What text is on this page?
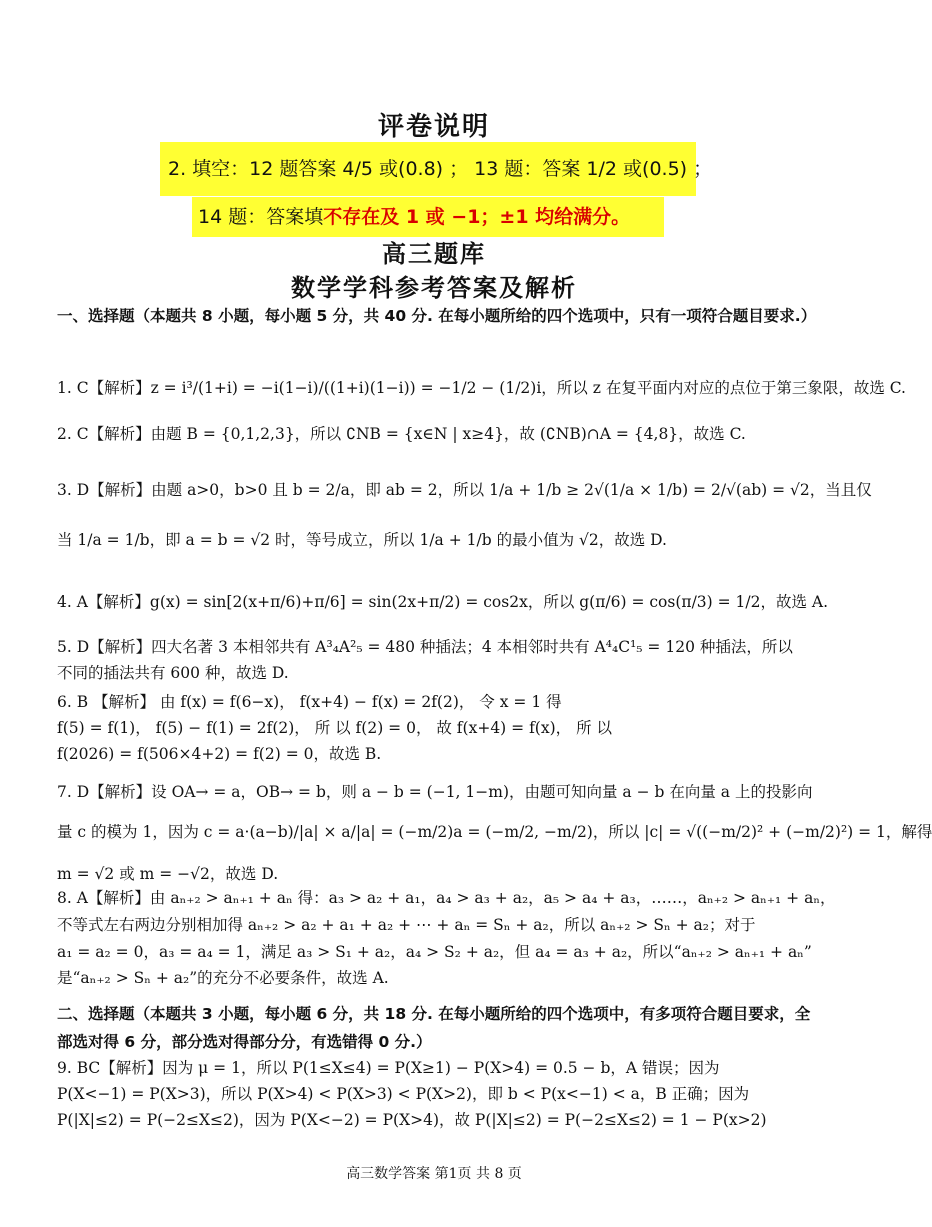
评卷说明
2. 填空：12 题答案 4/5 或(0.8) ； 13 题：答案 1/2 或(0.5) ；
14 题：答案填不存在及 1 或 −1；±1 均给满分。
高三题库
数学学科参考答案及解析
一、选择题（本题共 8 小题，每小题 5 分，共 40 分. 在每小题所给的四个选项中，只有一项符合题目要求.）
1. C【解析】z = i³/(1+i) = −i(1−i)/((1+i)(1−i)) = −1/2 − (1/2)i，所以 z 在复平面内对应的点位于第三象限，故选 C.
2. C【解析】由题 B = {0,1,2,3}，所以 ∁NB = {x∈N | x≥4}，故 (∁NB)∩A = {4,8}，故选 C.
3. D【解析】由题 a>0，b>0 且 b = 2/a，即 ab = 2，所以 1/a + 1/b ≥ 2√(1/a × 1/b) = 2/√(ab) = √2，当且仅
当 1/a = 1/b，即 a = b = √2 时，等号成立，所以 1/a + 1/b 的最小值为 √2，故选 D.
4. A【解析】g(x) = sin[2(x+π/6)+π/6] = sin(2x+π/2) = cos2x，所以 g(π/6) = cos(π/3) = 1/2，故选 A.
5. D【解析】四大名著 3 本相邻共有 A³₄A²₅ = 480 种插法；4 本相邻时共有 A⁴₄C¹₅ = 120 种插法，所以
不同的插法共有 600 种，故选 D.
6. B 【解析】 由 f(x) = f(6−x)， f(x+4) − f(x) = 2f(2)， 令 x = 1 得
f(5) = f(1)， f(5) − f(1) = 2f(2)， 所 以 f(2) = 0， 故 f(x+4) = f(x)， 所 以
f(2026) = f(506×4+2) = f(2) = 0，故选 B.
7. D【解析】设 OA→ = a，OB→ = b，则 a − b = (−1, 1−m)，由题可知向量 a − b 在向量 a 上的投影向
量 c 的模为 1，因为 c = a·(a−b)/|a| × a/|a| = (−m/2)a = (−m/2, −m/2)，所以 |c| = √((−m/2)² + (−m/2)²) = 1，解得
m = √2 或 m = −√2，故选 D.
8. A【解析】由 aₙ₊₂ > aₙ₊₁ + aₙ 得：a₃ > a₂ + a₁，a₄ > a₃ + a₂，a₅ > a₄ + a₃，……，aₙ₊₂ > aₙ₊₁ + aₙ，
不等式左右两边分别相加得 aₙ₊₂ > a₂ + a₁ + a₂ + ⋯ + aₙ = Sₙ + a₂，所以 aₙ₊₂ > Sₙ + a₂；对于
a₁ = a₂ = 0，a₃ = a₄ = 1，满足 a₃ > S₁ + a₂，a₄ > S₂ + a₂，但 a₄ = a₃ + a₂，所以“aₙ₊₂ > aₙ₊₁ + aₙ”
是“aₙ₊₂ > Sₙ + a₂”的充分不必要条件，故选 A.
二、选择题（本题共 3 小题，每小题 6 分，共 18 分. 在每小题所给的四个选项中，有多项符合题目要求，全部选对得 6 分，部分选对得部分分，有选错得 0 分.）
9. BC【解析】因为 μ = 1，所以 P(1≤X≤4) = P(X≥1) − P(X>4) = 0.5 − b，A 错误；因为
P(X<−1) = P(X>3)，所以 P(X>4) < P(X>3) < P(X>2)，即 b < P(x<−1) < a，B 正确；因为
P(|X|≤2) = P(−2≤X≤2)，因为 P(X<−2) = P(X>4)，故 P(|X|≤2) = P(−2≤X≤2) = 1 − P(x>2)
高三数学答案 第1页 共 8 页
